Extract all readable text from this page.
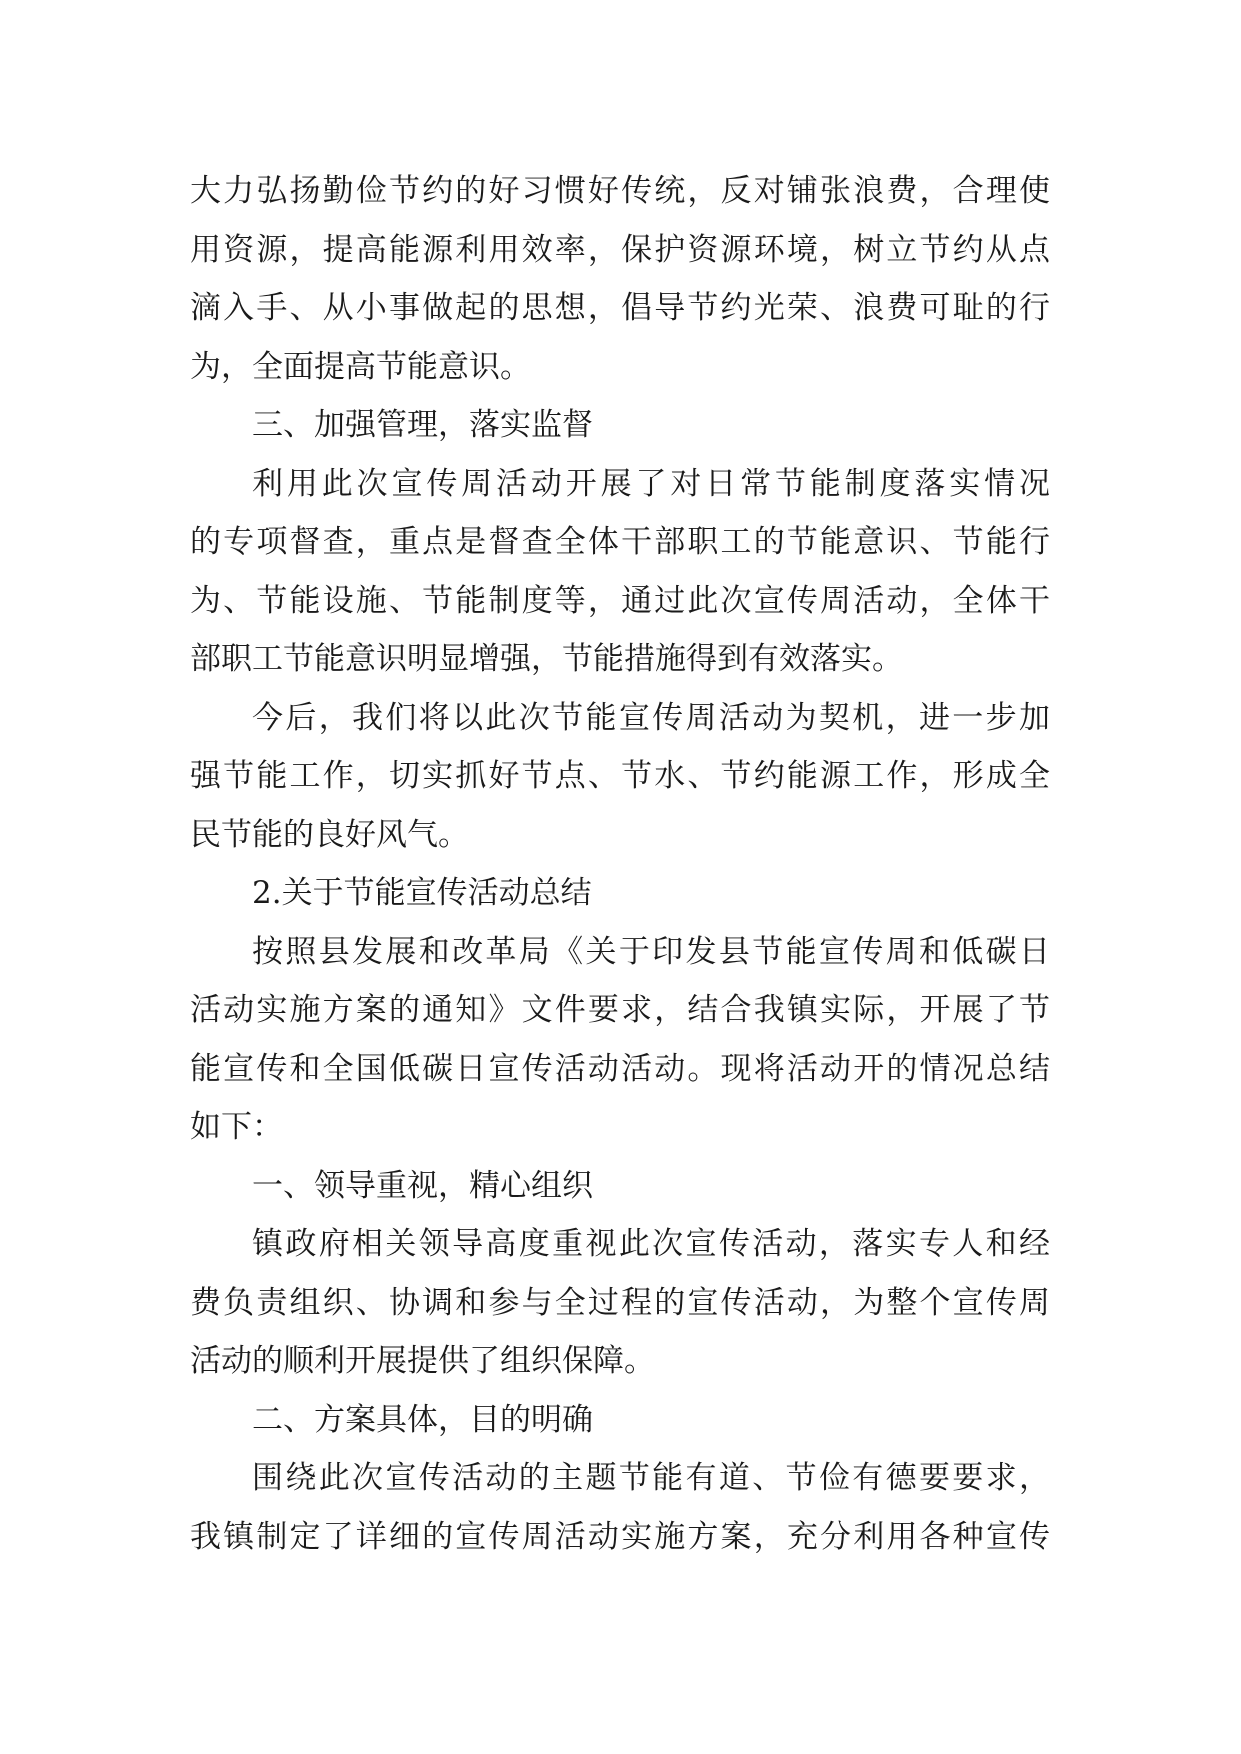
大力弘扬勤俭节约的好习惯好传统，反对铺张浪费，合理使
用资源，提高能源利用效率，保护资源环境，树立节约从点
滴入手、从小事做起的思想，倡导节约光荣、浪费可耻的行
为，全面提高节能意识。
三、加强管理，落实监督
利用此次宣传周活动开展了对日常节能制度落实情况
的专项督查，重点是督查全体干部职工的节能意识、节能行
为、节能设施、节能制度等，通过此次宣传周活动，全体干
部职工节能意识明显增强，节能措施得到有效落实。
今后，我们将以此次节能宣传周活动为契机，进一步加
强节能工作，切实抓好节点、节水、节约能源工作，形成全
民节能的良好风气。
2.关于节能宣传活动总结
按照县发展和改革局《关于印发县节能宣传周和低碳日
活动实施方案的通知》文件要求，结合我镇实际，开展了节
能宣传和全国低碳日宣传活动活动。现将活动开的情况总结
如下：
一、领导重视，精心组织
镇政府相关领导高度重视此次宣传活动，落实专人和经
费负责组织、协调和参与全过程的宣传活动，为整个宣传周
活动的顺利开展提供了组织保障。
二、方案具体，目的明确
围绕此次宣传活动的主题节能有道、节俭有德要要求，
我镇制定了详细的宣传周活动实施方案，充分利用各种宣传
